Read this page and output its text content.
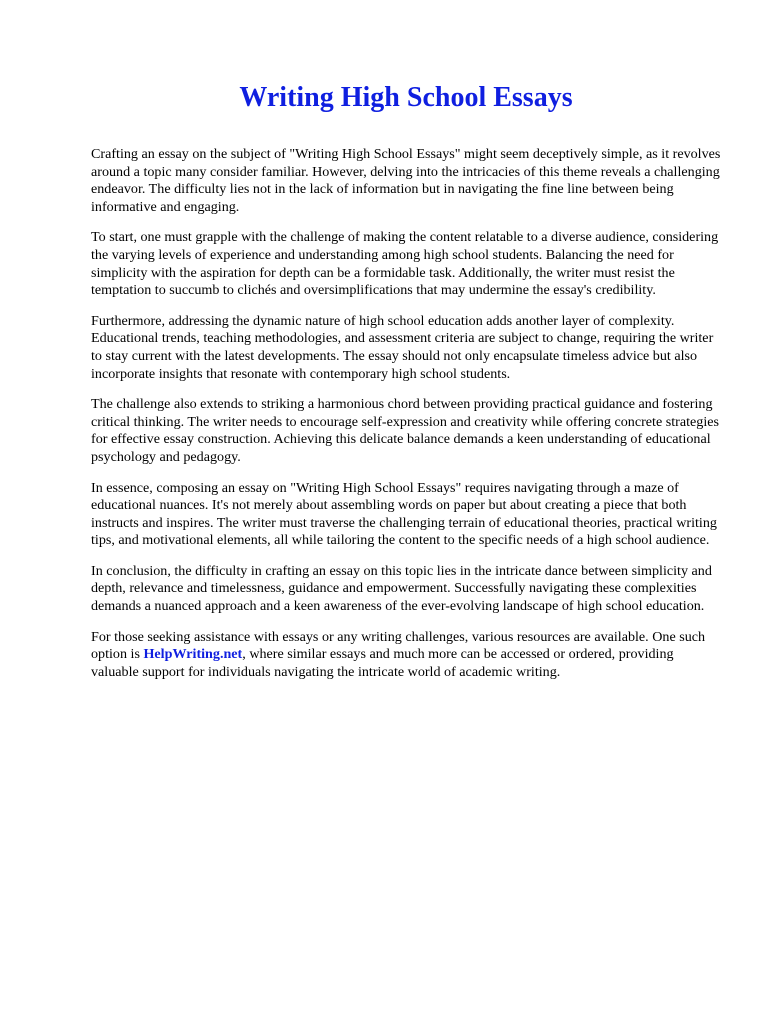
Writing High School Essays

Crafting an essay on the subject of "Writing High School Essays" might seem deceptively simple, as it revolves around a topic many consider familiar. However, delving into the intricacies of this theme reveals a challenging endeavor. The difficulty lies not in the lack of information but in navigating the fine line between being informative and engaging.

To start, one must grapple with the challenge of making the content relatable to a diverse audience, considering the varying levels of experience and understanding among high school students. Balancing the need for simplicity with the aspiration for depth can be a formidable task. Additionally, the writer must resist the temptation to succumb to clichés and oversimplifications that may undermine the essay's credibility.

Furthermore, addressing the dynamic nature of high school education adds another layer of complexity. Educational trends, teaching methodologies, and assessment criteria are subject to change, requiring the writer to stay current with the latest developments. The essay should not only encapsulate timeless advice but also incorporate insights that resonate with contemporary high school students.

The challenge also extends to striking a harmonious chord between providing practical guidance and fostering critical thinking. The writer needs to encourage self-expression and creativity while offering concrete strategies for effective essay construction. Achieving this delicate balance demands a keen understanding of educational psychology and pedagogy.

In essence, composing an essay on "Writing High School Essays" requires navigating through a maze of educational nuances. It's not merely about assembling words on paper but about creating a piece that both instructs and inspires. The writer must traverse the challenging terrain of educational theories, practical writing tips, and motivational elements, all while tailoring the content to the specific needs of a high school audience.

In conclusion, the difficulty in crafting an essay on this topic lies in the intricate dance between simplicity and depth, relevance and timelessness, guidance and empowerment. Successfully navigating these complexities demands a nuanced approach and a keen awareness of the ever-evolving landscape of high school education.

For those seeking assistance with essays or any writing challenges, various resources are available. One such option is HelpWriting.net, where similar essays and much more can be accessed or ordered, providing valuable support for individuals navigating the intricate world of academic writing.
